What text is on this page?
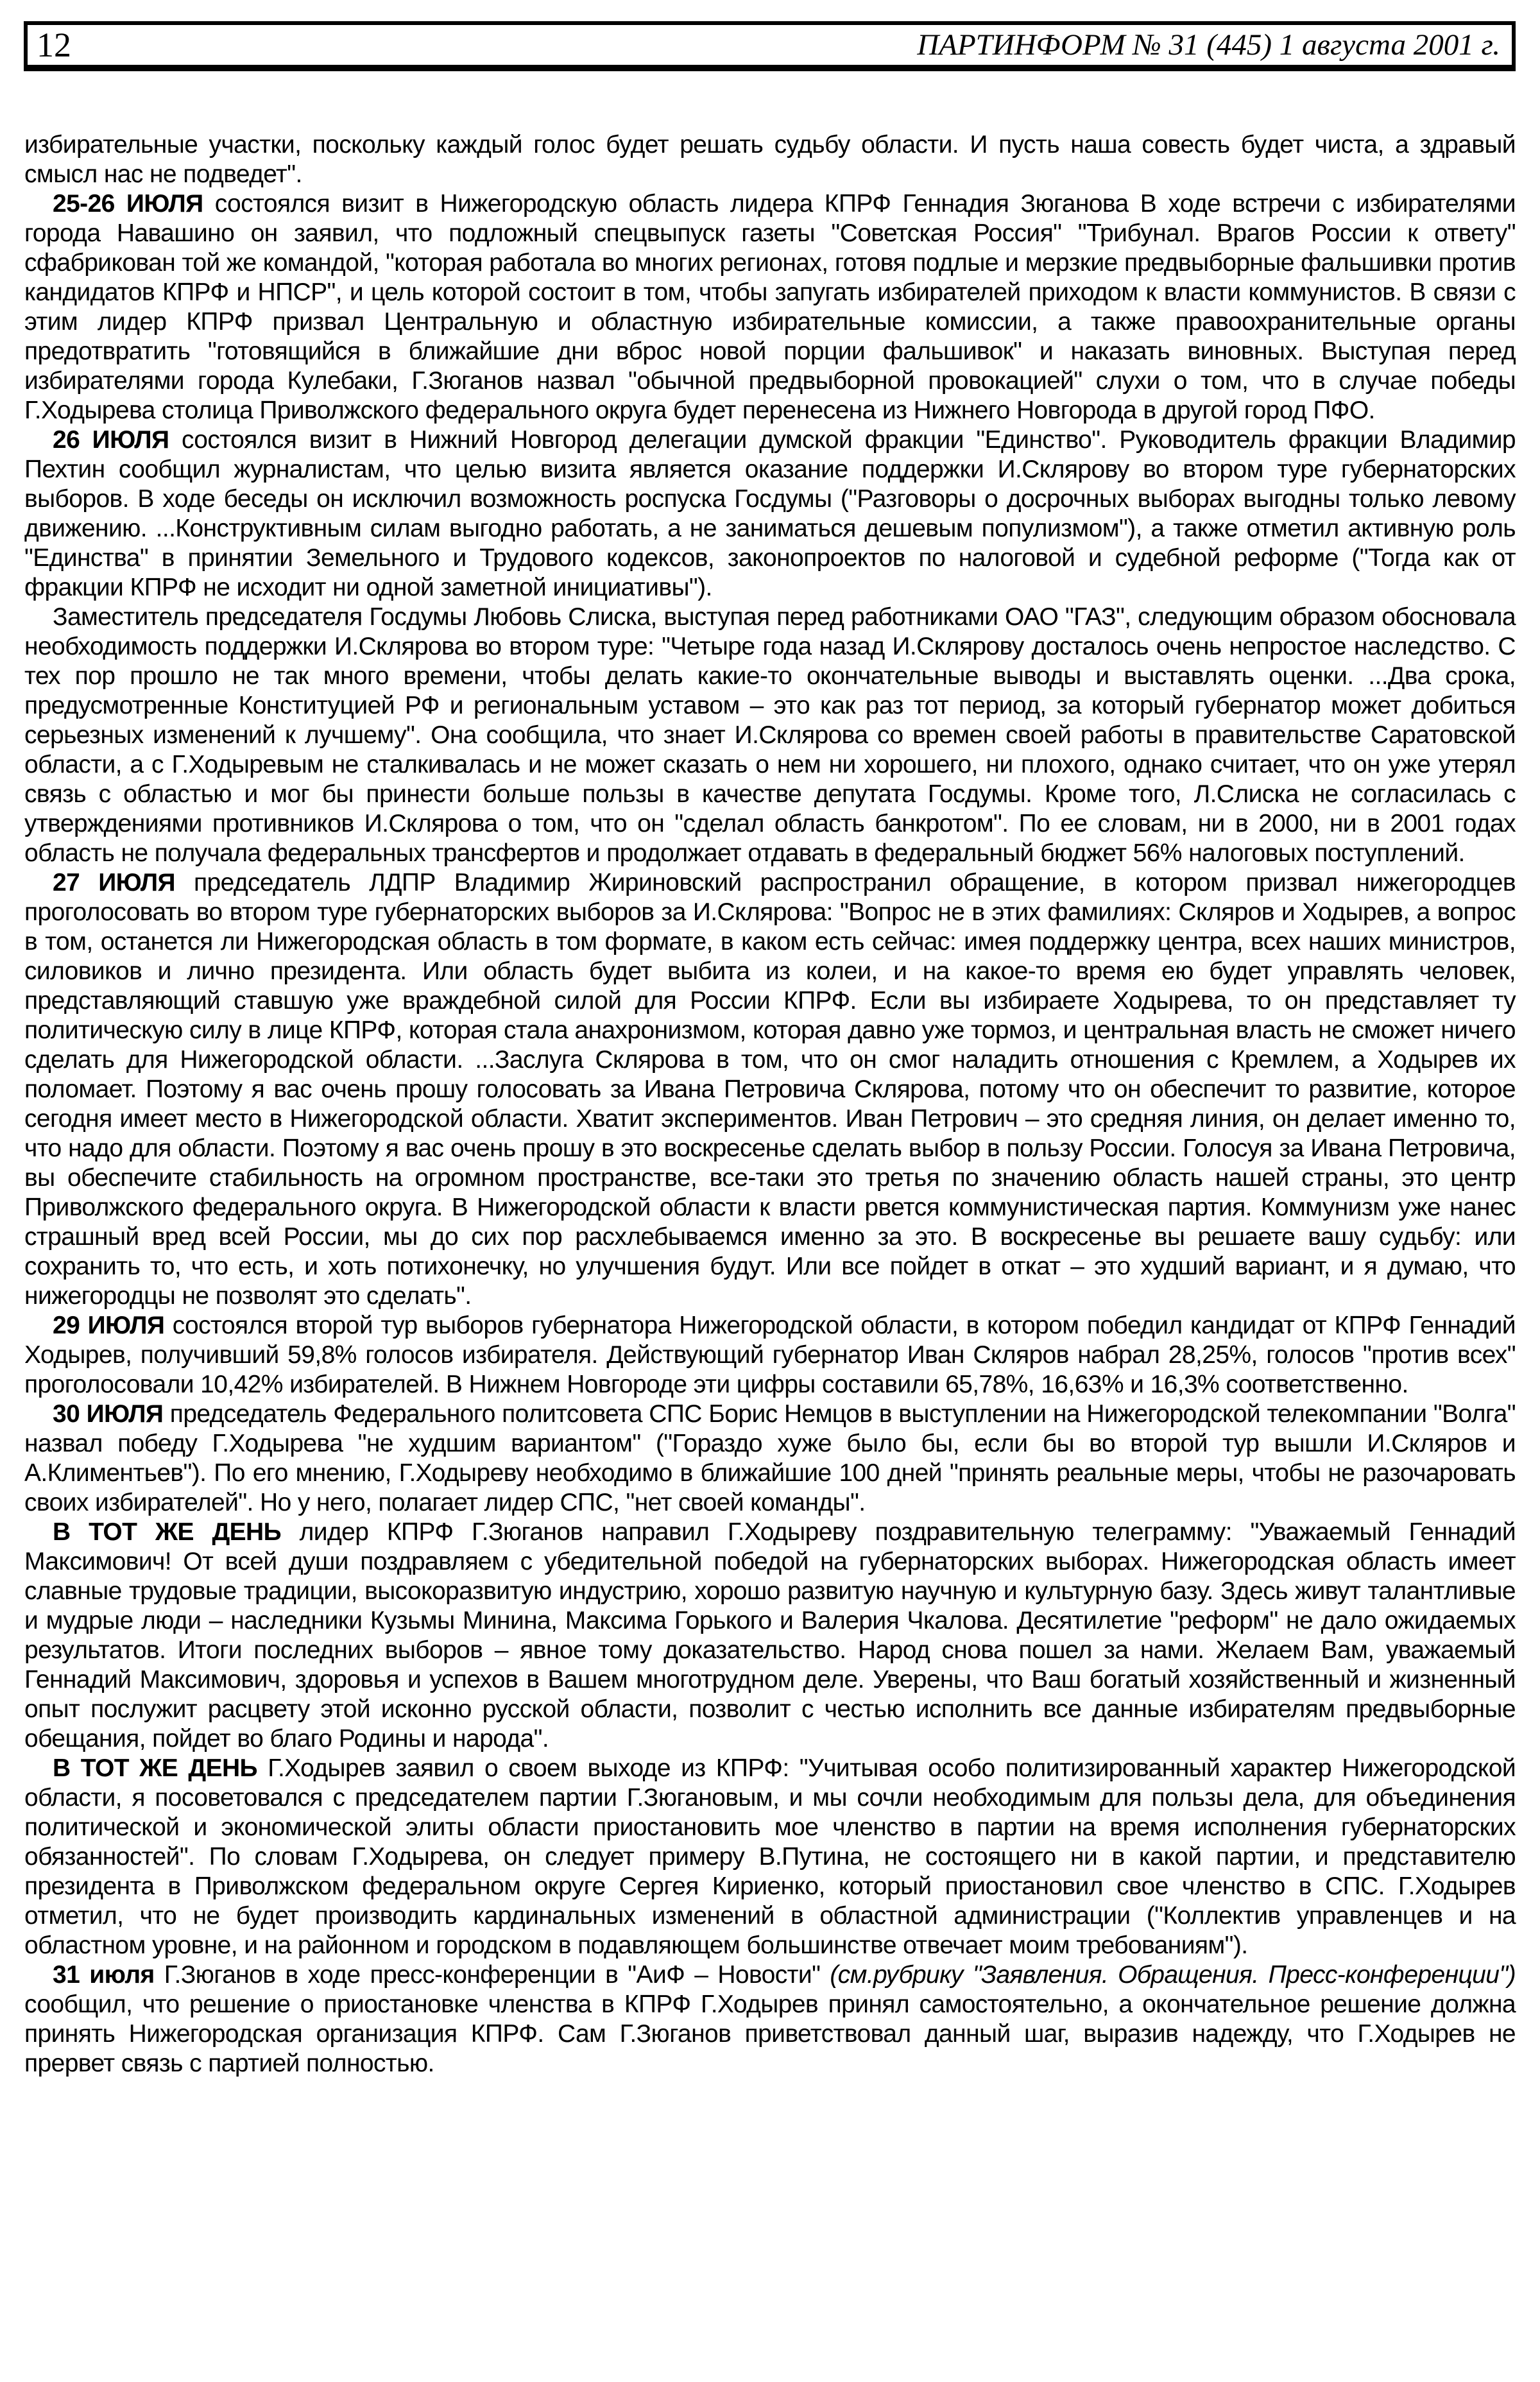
12	ПАРТИНФОРМ № 31 (445) 1 августа 2001 г.

избирательные участки, поскольку каждый голос будет решать судьбу области. И пусть наша совесть будет чиста, а здравый смысл нас не подведет".

25-26 ИЮЛЯ состоялся визит в Нижегородскую область лидера КПРФ Геннадия Зюганова В ходе встречи с избирателями города Навашино он заявил, что подложный спецвыпуск газеты "Советская Россия" "Трибунал. Врагов России к ответу" сфабрикован той же командой, "которая работала во многих регионах, готовя подлые и мерзкие предвыборные фальшивки против кандидатов КПРФ и НПСР", и цель которой состоит в том, чтобы запугать избирателей приходом к власти коммунистов. В связи с этим лидер КПРФ призвал Центральную и областную избирательные комиссии, а также правоохранительные органы предотвратить "готовящийся в ближайшие дни вброс новой порции фальшивок" и наказать виновных. Выступая перед избирателями города Кулебаки, Г.Зюганов назвал "обычной предвыборной провокацией" слухи о том, что в случае победы Г.Ходырева столица Приволжского федерального округа будет перенесена из Нижнего Новгорода в другой город ПФО.

26 ИЮЛЯ состоялся визит в Нижний Новгород делегации думской фракции "Единство". Руководитель фракции Владимир Пехтин сообщил журналистам, что целью визита является оказание поддержки И.Склярову во втором туре губернаторских выборов. В ходе беседы он исключил возможность роспуска Госдумы ("Разговоры о досрочных выборах выгодны только левому движению. ...Конструктивным силам выгодно работать, а не заниматься дешевым популизмом"), а также отметил активную роль "Единства" в принятии Земельного и Трудового кодексов, законопроектов по налоговой и судебной реформе ("Тогда как от фракции КПРФ не исходит ни одной заметной инициативы").

Заместитель председателя Госдумы Любовь Слиска, выступая перед работниками ОАО "ГАЗ", следующим образом обосновала необходимость поддержки И.Склярова во втором туре: "Четыре года назад И.Склярову досталось очень непростое наследство. С тех пор прошло не так много времени, чтобы делать какие-то окончательные выводы и выставлять оценки. ...Два срока, предусмотренные Конституцией РФ и региональным уставом – это как раз тот период, за который губернатор может добиться серьезных изменений к лучшему". Она сообщила, что знает И.Склярова со времен своей работы в правительстве Саратовской области, а с Г.Ходыревым не сталкивалась и не может сказать о нем ни хорошего, ни плохого, однако считает, что он уже утерял связь с областью и мог бы принести больше пользы в качестве депутата Госдумы. Кроме того, Л.Слиска не согласилась с утверждениями противников И.Склярова о том, что он "сделал область банкротом". По ее словам, ни в 2000, ни в 2001 годах область не получала федеральных трансфертов и продолжает отдавать в федеральный бюджет 56% налоговых поступлений.

27 ИЮЛЯ председатель ЛДПР Владимир Жириновский распространил обращение, в котором призвал нижегородцев проголосовать во втором туре губернаторских выборов за И.Склярова: "Вопрос не в этих фамилиях: Скляров и Ходырев, а вопрос в том, останется ли Нижегородская область в том формате, в каком есть сейчас: имея поддержку центра, всех наших министров, силовиков и лично президента. Или область будет выбита из колеи, и на какое-то время ею будет управлять человек, представляющий ставшую уже враждебной силой для России КПРФ. Если вы избираете Ходырева, то он представляет ту политическую силу в лице КПРФ, которая стала анахронизмом, которая давно уже тормоз, и центральная власть не сможет ничего сделать для Нижегородской области. ...Заслуга Склярова в том, что он смог наладить отношения с Кремлем, а Ходырев их поломает. Поэтому я вас очень прошу голосовать за Ивана Петровича Склярова, потому что он обеспечит то развитие, которое сегодня имеет место в Нижегородской области. Хватит экспериментов. Иван Петрович – это средняя линия, он делает именно то, что надо для области. Поэтому я вас очень прошу в это воскресенье сделать выбор в пользу России. Голосуя за Ивана Петровича, вы обеспечите стабильность на огромном пространстве, все-таки это третья по значению область нашей страны, это центр Приволжского федерального округа. В Нижегородской области к власти рвется коммунистическая партия. Коммунизм уже нанес страшный вред всей России, мы до сих пор расхлебываемся именно за это. В воскресенье вы решаете вашу судьбу: или сохранить то, что есть, и хоть потихонечку, но улучшения будут. Или все пойдет в откат – это худший вариант, и я думаю, что нижегородцы не позволят это сделать".

29 ИЮЛЯ состоялся второй тур выборов губернатора Нижегородской области, в котором победил кандидат от КПРФ Геннадий Ходырев, получивший 59,8% голосов избирателя. Действующий губернатор Иван Скляров набрал 28,25%, голосов "против всех" проголосовали 10,42% избирателей. В Нижнем Новгороде эти цифры составили 65,78%, 16,63% и 16,3% соответственно.

30 ИЮЛЯ председатель Федерального политсовета СПС Борис Немцов в выступлении на Нижегородской телекомпании "Волга" назвал победу Г.Ходырева "не худшим вариантом" ("Гораздо хуже было бы, если бы во второй тур вышли И.Скляров и А.Климентьев"). По его мнению, Г.Ходыреву необходимо в ближайшие 100 дней "принять реальные меры, чтобы не разочаровать своих избирателей". Но у него, полагает лидер СПС, "нет своей команды".

В ТОТ ЖЕ ДЕНЬ лидер КПРФ Г.Зюганов направил Г.Ходыреву поздравительную телеграмму: "Уважаемый Геннадий Максимович! От всей души поздравляем с убедительной победой на губернаторских выборах. Нижегородская область имеет славные трудовые традиции, высокоразвитую индустрию, хорошо развитую научную и культурную базу. Здесь живут талантливые и мудрые люди – наследники Кузьмы Минина, Максима Горького и Валерия Чкалова. Десятилетие "реформ" не дало ожидаемых результатов. Итоги последних выборов – явное тому доказательство. Народ снова пошел за нами. Желаем Вам, уважаемый Геннадий Максимович, здоровья и успехов в Вашем многотрудном деле. Уверены, что Ваш богатый хозяйственный и жизненный опыт послужит расцвету этой исконно русской области, позволит с честью исполнить все данные избирателям предвыборные обещания, пойдет во благо Родины и народа".

В ТОТ ЖЕ ДЕНЬ Г.Ходырев заявил о своем выходе из КПРФ: "Учитывая особо политизированный характер Нижегородской области, я посоветовался с председателем партии Г.Зюгановым, и мы сочли необходимым для пользы дела, для объединения политической и экономической элиты области приостановить мое членство в партии на время исполнения губернаторских обязанностей". По словам Г.Ходырева, он следует примеру В.Путина, не состоящего ни в какой партии, и представителю президента в Приволжском федеральном округе Сергея Кириенко, который приостановил свое членство в СПС. Г.Ходырев отметил, что не будет производить кардинальных изменений в областной администрации ("Коллектив управленцев и на областном уровне, и на районном и городском в подавляющем большинстве отвечает моим требованиям").

31 июля Г.Зюганов в ходе пресс-конференции в "АиФ – Новости" (см.рубрику "Заявления. Обращения. Пресс-конференции") сообщил, что решение о приостановке членства в КПРФ Г.Ходырев принял самостоятельно, а окончательное решение должна принять Нижегородская организация КПРФ. Сам Г.Зюганов приветствовал данный шаг, выразив надежду, что Г.Ходырев не прервет связь с партией полностью.
